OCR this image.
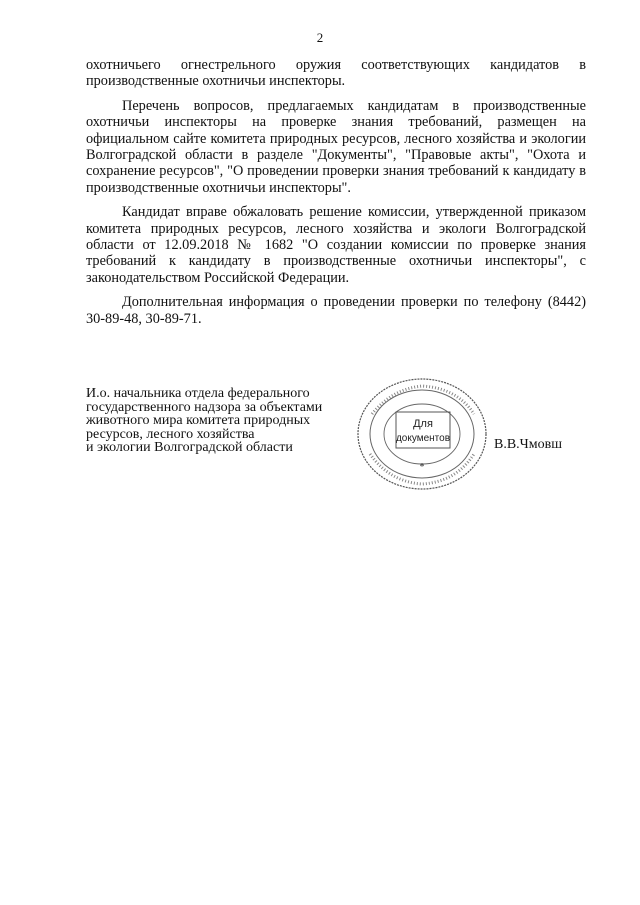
2

охотничьего огнестрельного оружия соответствующих кандидатов в производственные охотничьи инспекторы.

Перечень вопросов, предлагаемых кандидатам в производственные охотничьи инспекторы на проверке знания требований, размещен на официальном сайте комитета природных ресурсов, лесного хозяйства и экологии Волгоградской области в разделе "Документы", "Правовые акты", "Охота и сохранение ресурсов", "О проведении проверки знания требований к кандидату в производственные охотничьи инспекторы".

Кандидат вправе обжаловать решение комиссии, утвержденной приказом комитета природных ресурсов, лесного хозяйства и экологи Волгоградской области от 12.09.2018 № 1682 "О создании комиссии по проверке знания требований к кандидату в производственные охотничьи инспекторы", с законодательством Российской Федерации.

Дополнительная информация о проведении проверки по телефону (8442) 30-89-48, 30-89-71.

И.о. начальника отдела федерального
государственного надзора за объектами
животного мира комитета природных
ресурсов, лесного хозяйства
и экологии Волгоградской области
Для
документов
*
В.В.Чмовш
